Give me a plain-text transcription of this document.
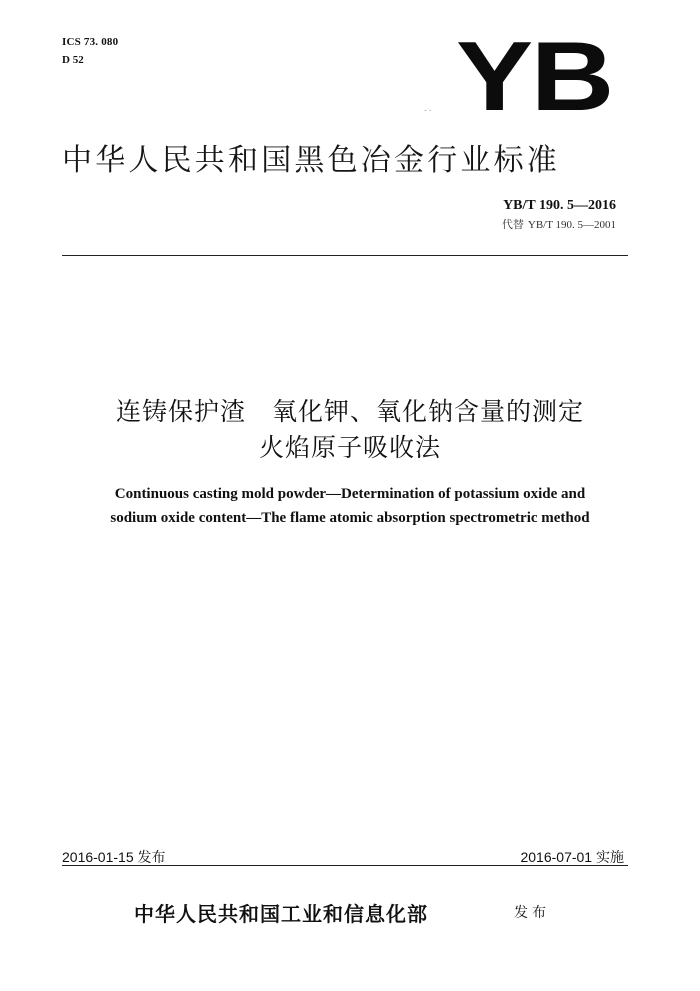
ICS 73. 080
D 52	YB
ˉ ˋ
中华人民共和国黑色冶金行业标准
YB/T 190. 5—2016
代替 YB/T 190. 5—2001
连铸保护渣　氧化钾、氧化钠含量的测定
火焰原子吸收法
Continuous casting mold powder—Determination of potassium oxide and
sodium oxide content—The flame atomic absorption spectrometric method
2016-01-15 发布	2016-07-01 实施
中华人民共和国工业和信息化部	发布
